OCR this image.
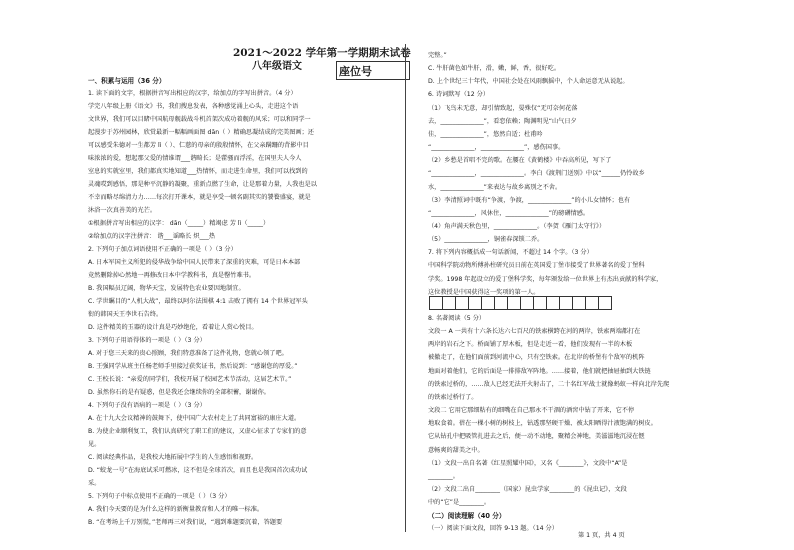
2021～2022 学年第一学期期末试卷
八年级语文	座位号
一、积累与运用（36 分）
1. 读下面的文字，根据拼音写出相应的汉字，给加点的字写出拼音。（4 分）
学完八年级上册《语文》书，我们搜息发表，各种感觉涌上心头，走进这个语
文世界，我们可以目睹中国航母舰载战斗机首架次成功着舰的风采；可以和同学一
起漫步于苏州园林，欣赏最新一幅幅画面图 dān（ ）精确思凝结成的完美图画；还
可以感受朱德对一生都芳 lì（ ）、仁慈的母亲的殷殷情怀，在父亲蹒跚的背影中目
味浓浓的爱，想起那父爱的情谁谓___谐畸长；是藿骚而浮淫，在国里夫人今人
室息的实就室里，我们都真实地知道___热情怀，而走进生命里，我们可以找到的
灵魂哎到感悟，那是种平沉静的凝聚，重新点燃了生命，让是那着力量，人我也是以
不幸而略尽绵清力力……每次打开课本，就是享受一顿名副其实的饕餮盛宴，就是
沐浴一次真善美的光芒。
①根据拼音写出相应的汉字： dān（_____）精竭虑 芳 lì（_____）
②给加点的汉字注拼音： 谐___谣略长 炽___热
2. 下列句子加点词语使用不正确的一项是（ ）（3 分）
A. 日本军国主义所犯的侵华战争给中国人民带来了深重的灾难，可是日本本部
竟然删除掉心然地一再修改日本中学教科书，真是罄竹难书。
B. 我国幅员辽阔，物华天宝，发展特色农业要因地制宜。
C. 学世瞩目的“人机大战”，最终以阿尔法围棋 4:1 击败了拥有 14 个世界冠军头
衔的韩国天王李世石告终。
D. 这件精美的玉器的设计真是巧妙绝伦，看着让人赏心悦目。
3. 下列句子用语得体的一项是（ ）（3 分）
A. 对于您三天来的贵心照顾，我们特意准备了这件礼物，您就心领了吧。
B. 王强同学从班主任杨老师手里接过获奖证书，然后说到：“感谢您的厚爱。”
C. 王校长说：“亲爱的同学们，我校开展了校园艺术节活动，这届艺术节。”
D. 虽然你石的是有疑惑，但是我还会继续你的全部积蓄，谢谢你。
4. 下列句子没有语病的一项是（ ）（3 分）
A. 在十九大会议精神的鼓舞下，使中国广大农村走上了共同富裕的康庄大道。
B. 为使企业顺利复工，我们认真研究了职工们的建议，又虚心征求了专家们的意
见。
C. 阅读经典作品，是我校大地拓展中学生的人生感悟和视野。
D. “蛟龙一号”在海底试采可燃冰，这不但是全球首次，而且也是我国首次成功试
采。
5. 下列句子中标点使用不正确的一项是（ ）（3 分）
A. 我们今天要的是为什么这样的新衡量教育和人才的唯一标准。
B. “在考场上千万别慌，”老师再三对我们说，“遇到难题要沉着，答题要
完整。”
C. 牛肝菌色如牛肝，滑，嫩，鲜，香，很好吃。
D. 上个世纪三十年代，中国社会处在风雨飘摇中，个人命运意无从说起。
6. 诗词默写（12 分）
（1）飞鸟未无意，却引情致起，晏殊仅“无可奈何花落
去，______________”，看恋依赖；陶渊明见“山气日夕
佳，______________”，悠然自适；杜甫吟
“______________，______________”，感伤国事。
（2）乡愁是首唱不完的歌。在腰在《黄鹤楼》中吞高所见，写下了
“______________，______________。李白《渡荆门送别》中以“______仍怜故乡
水，______________”来表达与故乡离别之不舍。
（3）李清照词中既有“争渡，争渡，______________”的小儿女情怀；也有
“______________，风休住，______________”的磅礴情感。
（4）角声满天秋色里，______________。（李贺《雁门太守行》）
（5）______________，铜雀春深锁二乔。
7. 将下列内容概括成一句话新闻，不超过 14 个字。（3 分）
中国科学院动物所傅孙柱研究员日前在英国爱丁堡市接受了世界著名的爱丁堡科
学奖。1998 年起设立的爱丁堡科学奖，每年颁发给一位世界上有杰出贡献的科学家，
这位教授是中国获得这一奖项的第一人。
8. 名著阅读（5 分）
文段一 A 一共有十六条长达六七百尺的铁索横跨在河的两岸，铁索两端都打在
两岸的岩石之下。桥面铺了厚木板，但是走近一看，他们发现有一半的木板
被撤走了，在他们面前到河流中心，只有空铁索。在北岸的桥堡有个敌军的机阵
地面对着他们，它的后面是一排排敌军阵地。……接着，他们就把抽屉抽到大铁链
的铁索过桥的，……敌人已经无法开火射击了，二十名红军战士就像蚂蚁一样向北岸先爬
的铁索过桥行了。
文段二 它用它那细粘有的细嘴在自己那永不干涸的酒窖中钻了开来，它不停
地取食着。蓓在一棵小树的树枝上，钻透那坚硬干燥、被太阳晒得汁液饱满的树皮。
它从钻孔中把吸管扎进去之后，便一动不动地，聚精会神地，美滋滋地沉浸在惬
意畅爽的甜美之中。
（1）文段一出自名著《红星照耀中国》，又名《________》，文段中“A”是
________。
（2）文段二出自________（国家）昆虫学家________的《昆虫记》，文段
中的“它”是________。
（二）阅读理解（40 分）
（一）阅读下面文段，回答 9-13 题。（14 分）
第 1 页，共 4 页
